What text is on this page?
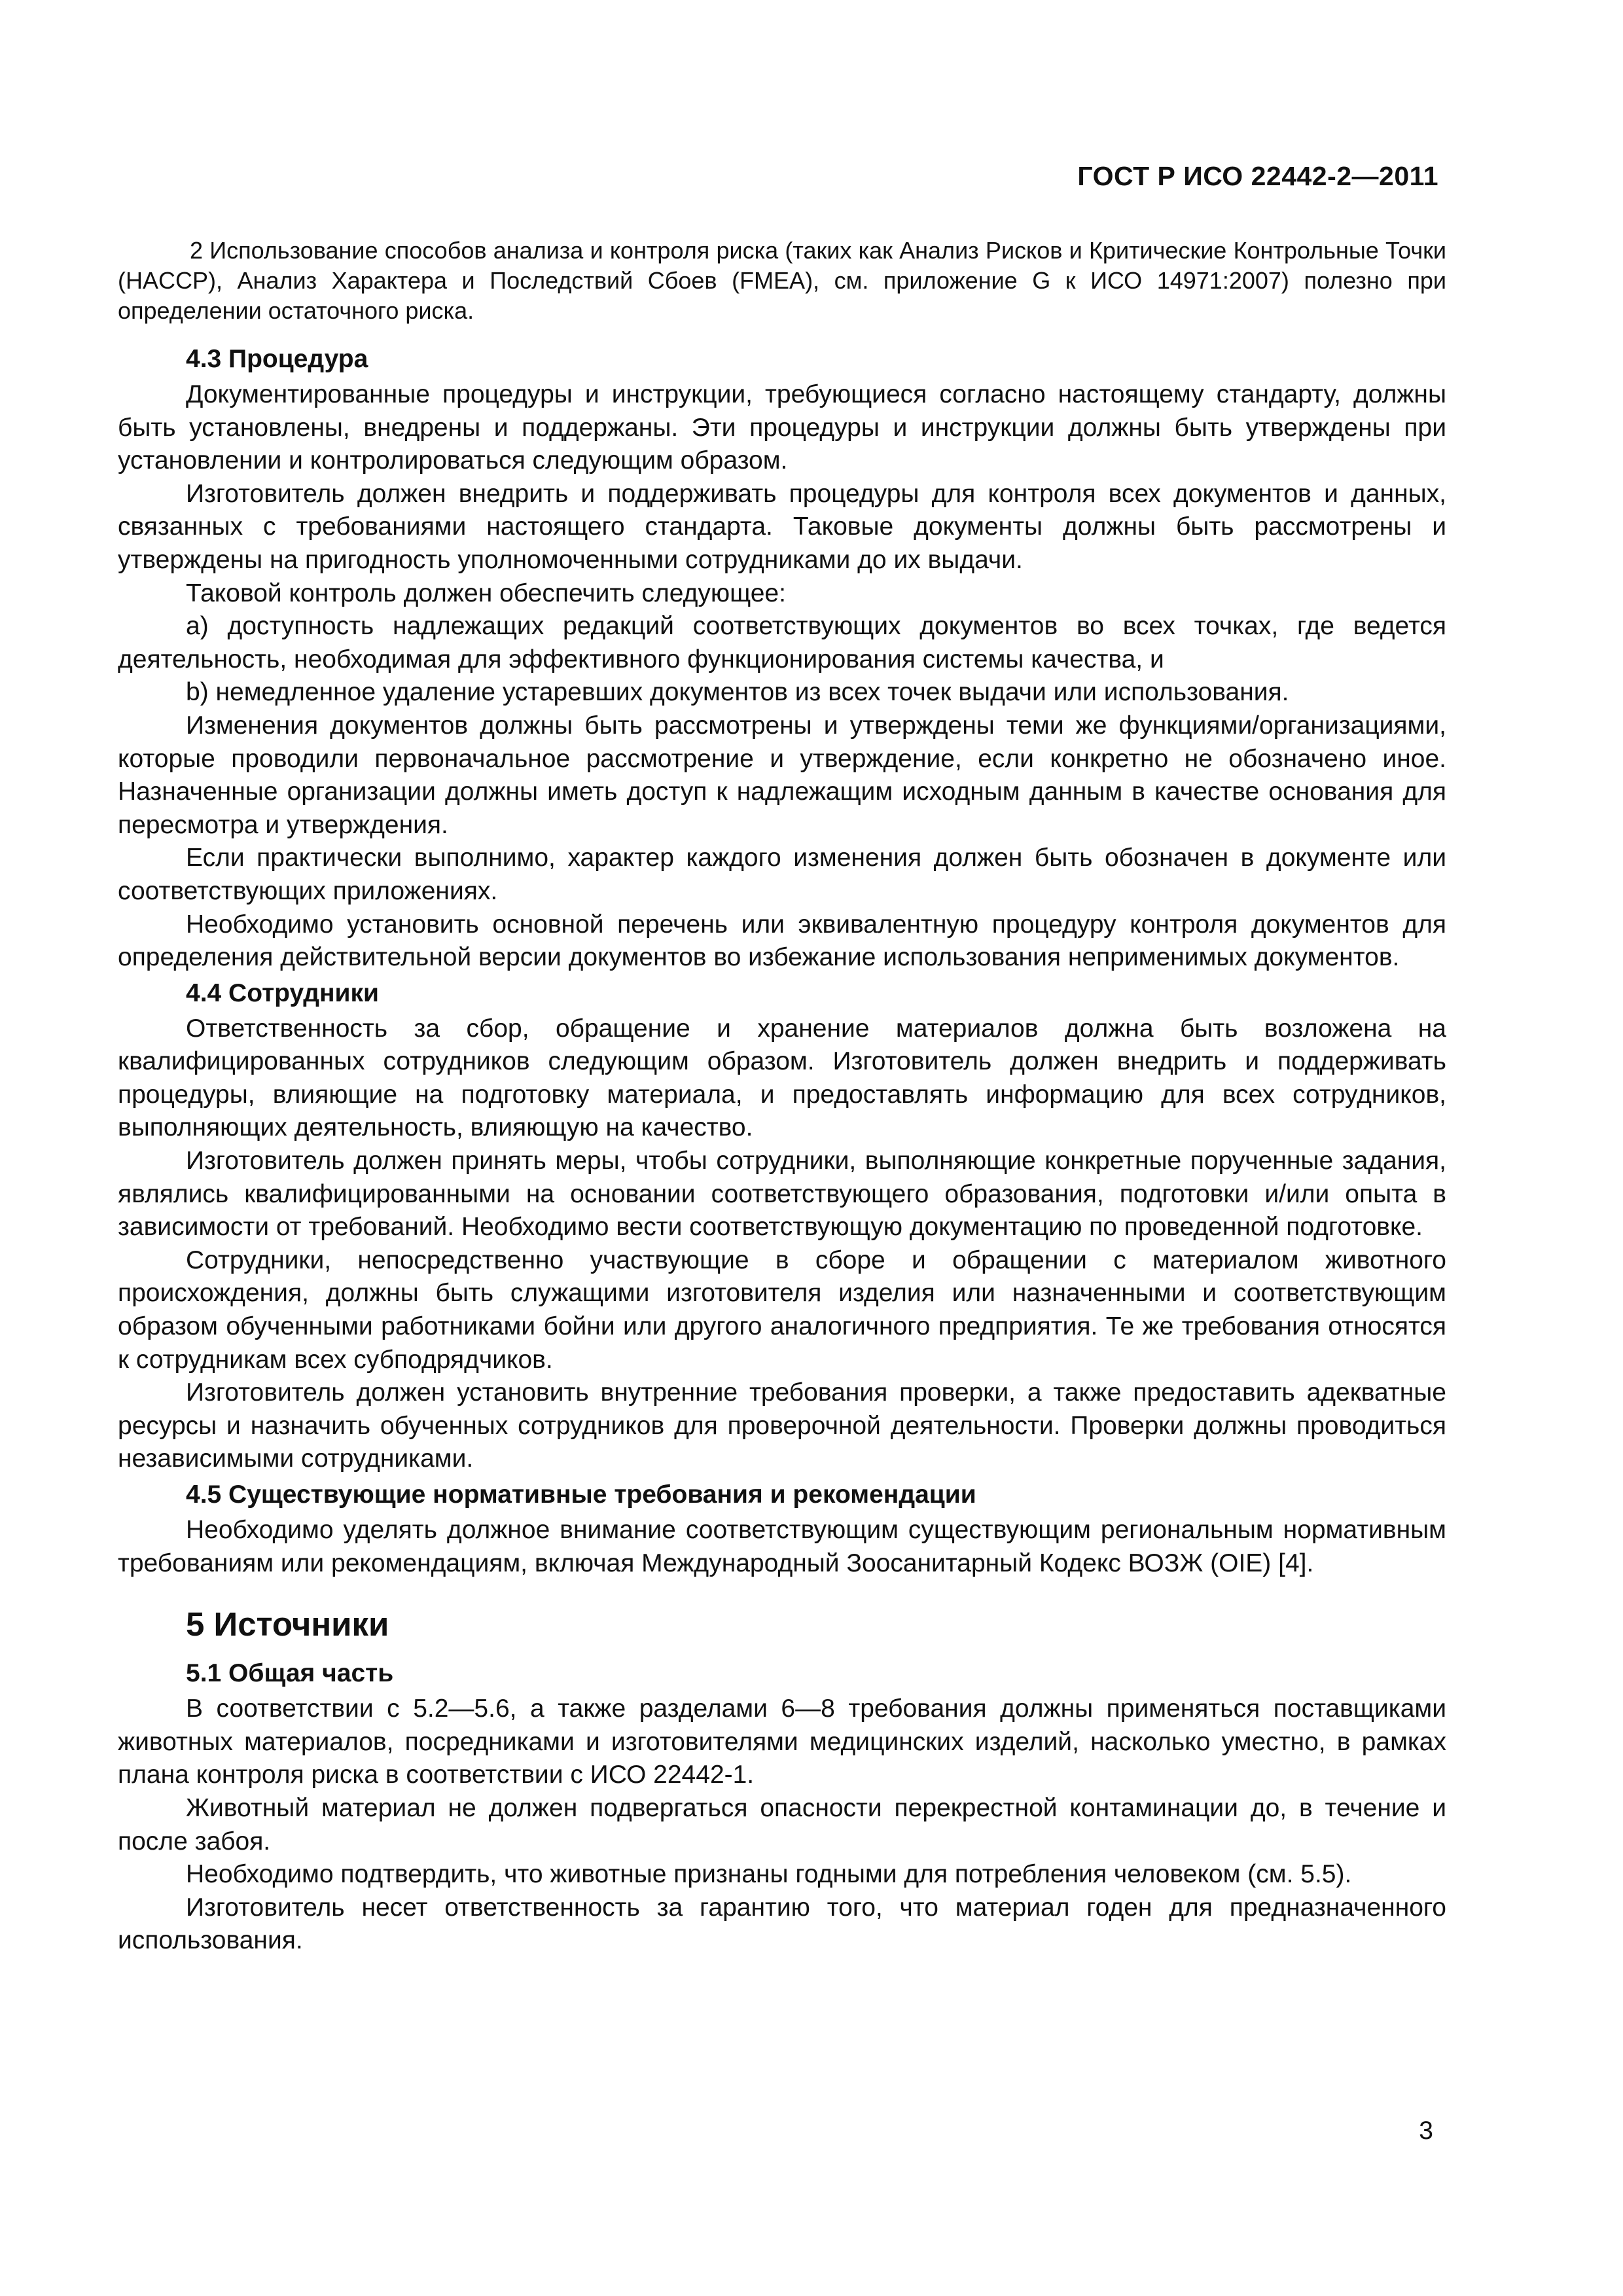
ГОСТ Р ИСО 22442-2—2011

2 Использование способов анализа и контроля риска (таких как Анализ Рисков и Критические Контрольные Точки (HACCP), Анализ Характера и Последствий Сбоев (FMEA), см. приложение G к ИСО 14971:2007) полезно при определении остаточного риска.

4.3 Процедура

Документированные процедуры и инструкции, требующиеся согласно настоящему стандарту, должны быть установлены, внедрены и поддержаны. Эти процедуры и инструкции должны быть утверждены при установлении и контролироваться следующим образом.

Изготовитель должен внедрить и поддерживать процедуры для контроля всех документов и данных, связанных с требованиями настоящего стандарта. Таковые документы должны быть рассмотрены и утверждены на пригодность уполномоченными сотрудниками до их выдачи.

Таковой контроль должен обеспечить следующее:

a) доступность надлежащих редакций соответствующих документов во всех точках, где ведется деятельность, необходимая для эффективного функционирования системы качества, и

b) немедленное удаление устаревших документов из всех точек выдачи или использования.

Изменения документов должны быть рассмотрены и утверждены теми же функциями/организациями, которые проводили первоначальное рассмотрение и утверждение, если конкретно не обозначено иное. Назначенные организации должны иметь доступ к надлежащим исходным данным в качестве основания для пересмотра и утверждения.

Если практически выполнимо, характер каждого изменения должен быть обозначен в документе или соответствующих приложениях.

Необходимо установить основной перечень или эквивалентную процедуру контроля документов для определения действительной версии документов во избежание использования неприменимых документов.

4.4 Сотрудники

Ответственность за сбор, обращение и хранение материалов должна быть возложена на квалифицированных сотрудников следующим образом. Изготовитель должен внедрить и поддерживать процедуры, влияющие на подготовку материала, и предоставлять информацию для всех сотрудников, выполняющих деятельность, влияющую на качество.

Изготовитель должен принять меры, чтобы сотрудники, выполняющие конкретные порученные задания, являлись квалифицированными на основании соответствующего образования, подготовки и/или опыта в зависимости от требований. Необходимо вести соответствующую документацию по проведенной подготовке.

Сотрудники, непосредственно участвующие в сборе и обращении с материалом животного происхождения, должны быть служащими изготовителя изделия или назначенными и соответствующим образом обученными работниками бойни или другого аналогичного предприятия. Те же требования относятся к сотрудникам всех субподрядчиков.

Изготовитель должен установить внутренние требования проверки, а также предоставить адекватные ресурсы и назначить обученных сотрудников для проверочной деятельности. Проверки должны проводиться независимыми сотрудниками.

4.5 Существующие нормативные требования и рекомендации

Необходимо уделять должное внимание соответствующим существующим региональным нормативным требованиям или рекомендациям, включая Международный Зоосанитарный Кодекс ВОЗЖ (OIE) [4].

5 Источники
5.1 Общая часть

В соответствии с 5.2—5.6, а также разделами 6—8 требования должны применяться поставщиками животных материалов, посредниками и изготовителями медицинских изделий, насколько уместно, в рамках плана контроля риска в соответствии с ИСО 22442-1.

Животный материал не должен подвергаться опасности перекрестной контаминации до, в течение и после забоя.

Необходимо подтвердить, что животные признаны годными для потребления человеком (см. 5.5).

Изготовитель несет ответственность за гарантию того, что материал годен для предназначенного использования.

3
